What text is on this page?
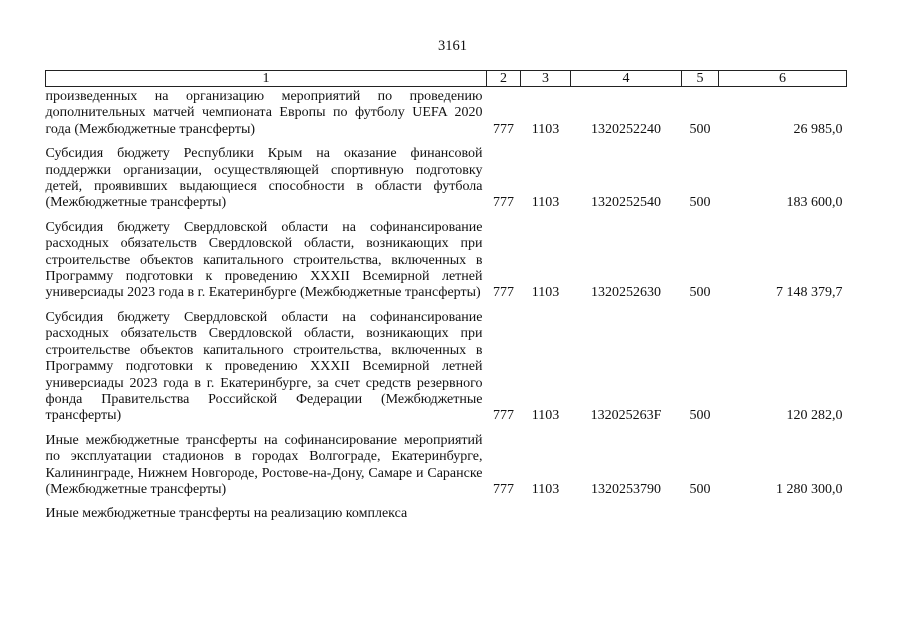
3161
1	2	3	4	5	6
произведенных на организацию мероприятий по проведению дополнительных матчей чемпионата Европы по футболу UEFA 2020 года (Межбюджетные трансферты)	777	1103	1320252240	500	26 985,0
Субсидия бюджету Республики Крым на оказание финансовой поддержки организации, осуществляющей спортивную подготовку детей, проявивших выдающиеся способности в области футбола (Межбюджетные трансферты)	777	1103	1320252540	500	183 600,0
Субсидия бюджету Свердловской области на софинансирование расходных обязательств Свердловской области, возникающих при строительстве объектов капитального строительства, включенных в Программу подготовки к проведению XXXII Всемирной летней универсиады 2023 года в г. Екатеринбурге (Межбюджетные трансферты)	777	1103	1320252630	500	7 148 379,7
Субсидия бюджету Свердловской области на софинансирование расходных обязательств Свердловской области, возникающих при строительстве объектов капитального строительства, включенных в Программу подготовки к проведению XXXII Всемирной летней универсиады 2023 года в г. Екатеринбурге, за счет средств резервного фонда Правительства Российской Федерации (Межбюджетные трансферты)	777	1103	132025263F	500	120 282,0
Иные межбюджетные трансферты на софинансирование мероприятий по эксплуатации стадионов в городах Волгограде, Екатеринбурге, Калининграде, Нижнем Новгороде, Ростове-на-Дону, Самаре и Саранске (Межбюджетные трансферты)	777	1103	1320253790	500	1 280 300,0
Иные межбюджетные трансферты на реализацию комплекса					
